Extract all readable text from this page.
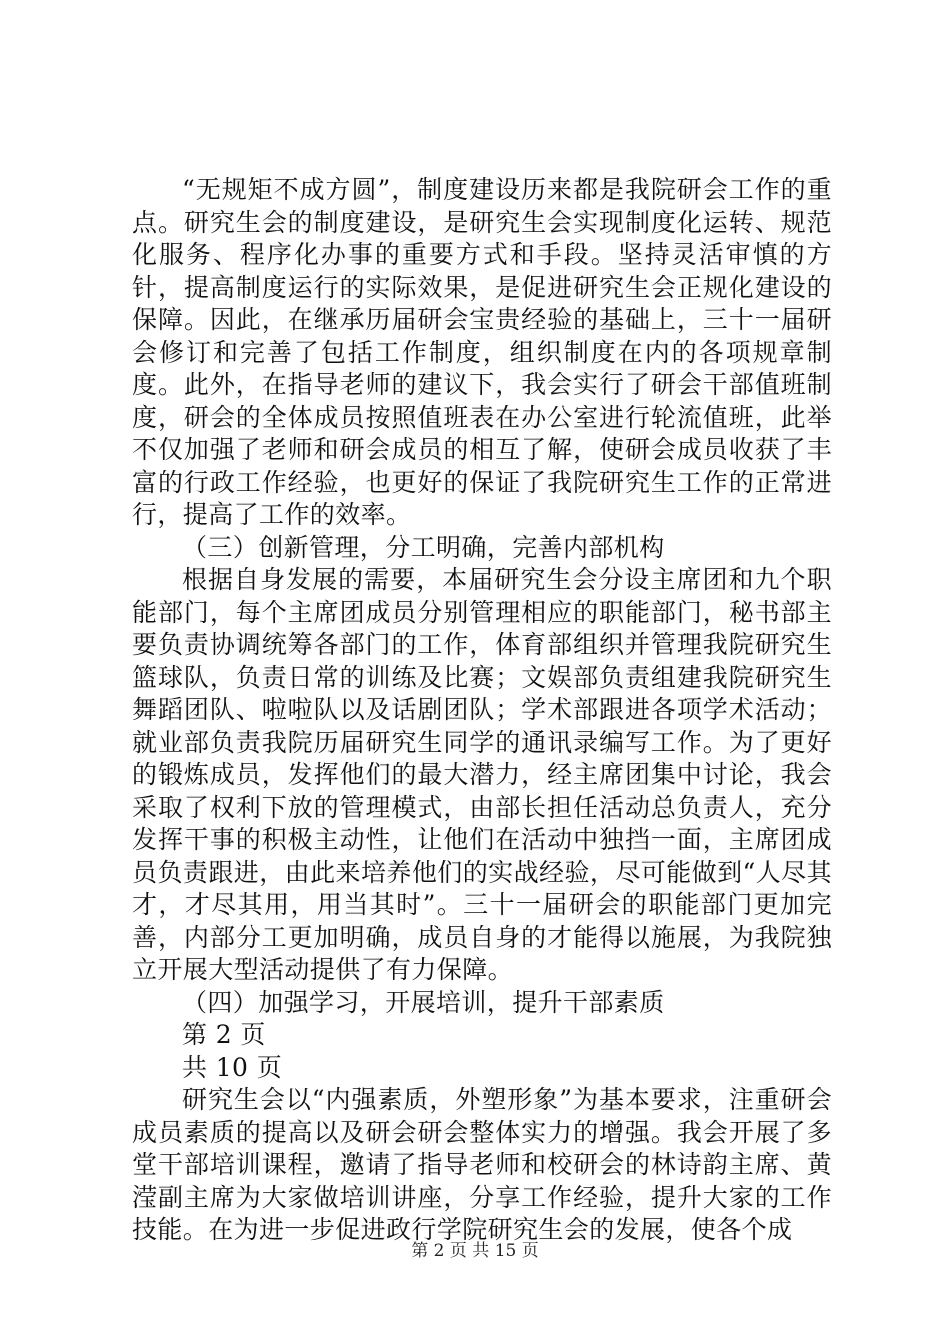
“无规矩不成方圆”，制度建设历来都是我院研会工作的重点。研究生会的制度建设，是研究生会实现制度化运转、规范化服务、程序化办事的重要方式和手段。坚持灵活审慎的方针，提高制度运行的实际效果，是促进研究生会正规化建设的保障。因此，在继承历届研会宝贵经验的基础上，三十一届研会修订和完善了包括工作制度，组织制度在内的各项规章制度。此外，在指导老师的建议下，我会实行了研会干部值班制度，研会的全体成员按照值班表在办公室进行轮流值班，此举不仅加强了老师和研会成员的相互了解，使研会成员收获了丰富的行政工作经验，也更好的保证了我院研究生工作的正常进行，提高了工作的效率。

（三）创新管理，分工明确，完善内部机构

根据自身发展的需要，本届研究生会分设主席团和九个职能部门，每个主席团成员分别管理相应的职能部门，秘书部主要负责协调统筹各部门的工作，体育部组织并管理我院研究生篮球队，负责日常的训练及比赛；文娱部负责组建我院研究生舞蹈团队、啦啦队以及话剧团队；学术部跟进各项学术活动；就业部负责我院历届研究生同学的通讯录编写工作。为了更好的锻炼成员，发挥他们的最大潜力，经主席团集中讨论，我会采取了权利下放的管理模式，由部长担任活动总负责人，充分发挥干事的积极主动性，让他们在活动中独挡一面，主席团成员负责跟进，由此来培养他们的实战经验，尽可能做到“人尽其才，才尽其用，用当其时”。三十一届研会的职能部门更加完善，内部分工更加明确，成员自身的才能得以施展，为我院独立开展大型活动提供了有力保障。

（四）加强学习，开展培训，提升干部素质

第 2 页

共 10 页

研究生会以“内强素质，外塑形象”为基本要求，注重研会成员素质的提高以及研会研会整体实力的增强。我会开展了多堂干部培训课程，邀请了指导老师和校研会的林诗韵主席、黄滢副主席为大家做培训讲座，分享工作经验，提升大家的工作技能。在为进一步促进政行学院研究生会的发展，使各个成

第 2 页 共 15 页
